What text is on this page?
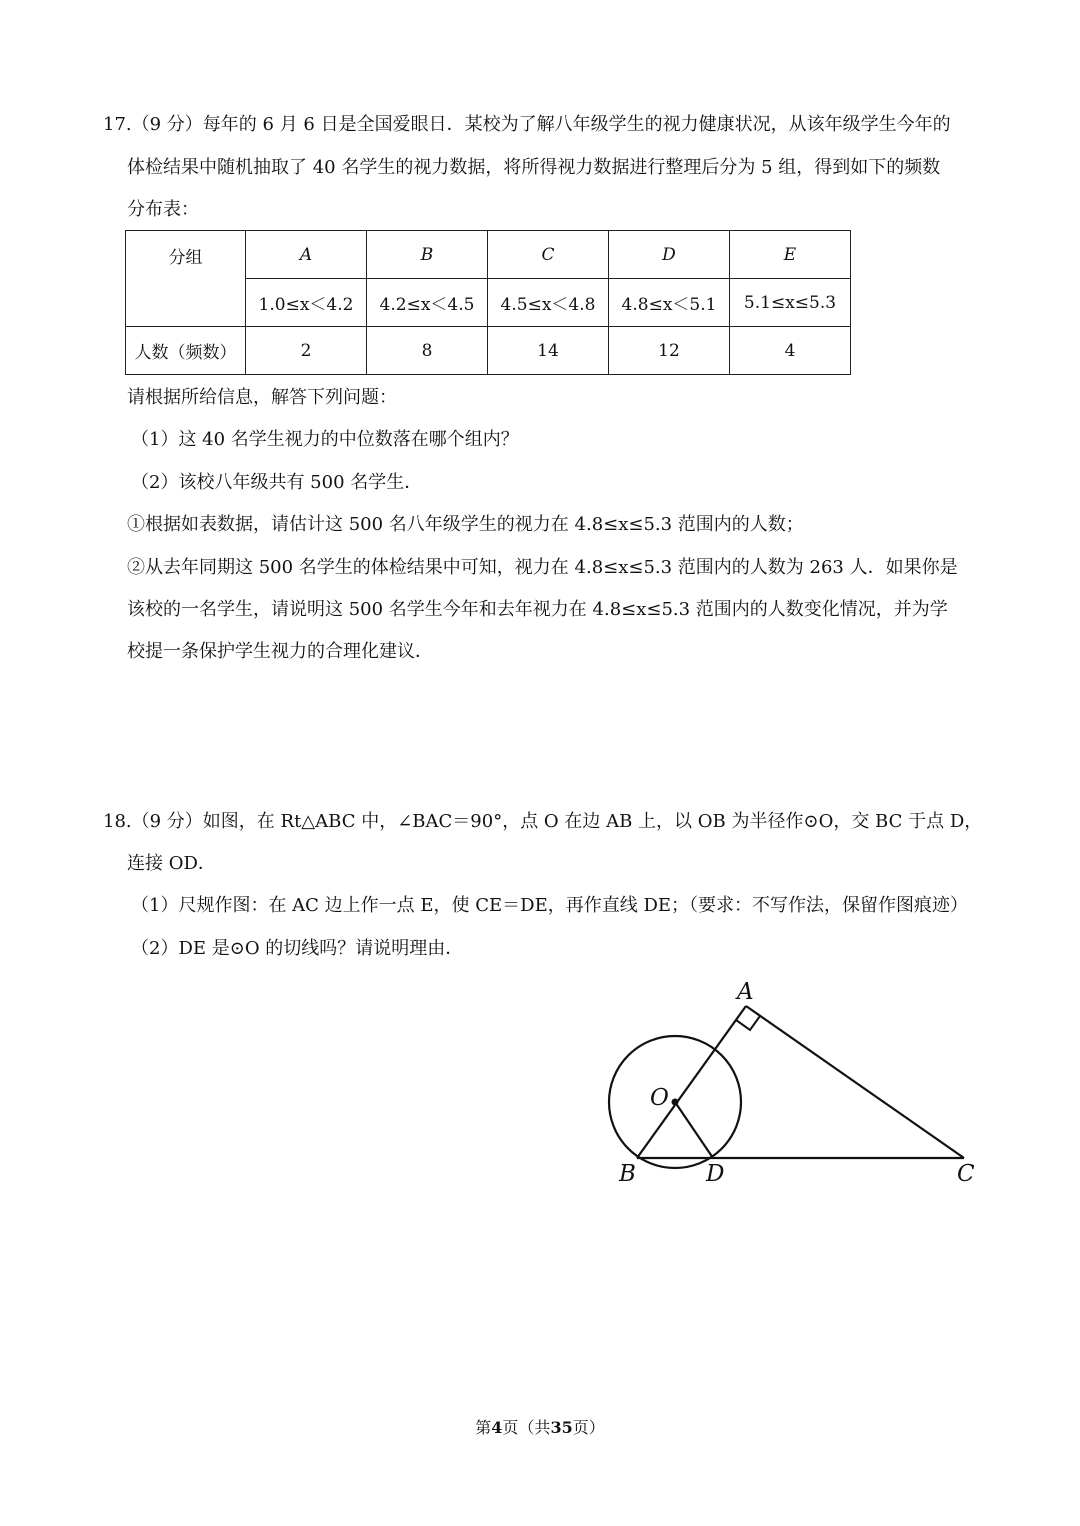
17.（9 分）每年的 6 月 6 日是全国爱眼日．某校为了解八年级学生的视力健康状况，从该年级学生今年的
体检结果中随机抽取了 40 名学生的视力数据，将所得视力数据进行整理后分为 5 组，得到如下的频数
分布表：
分组	A	B	C	D	E
	1.0≤x＜4.2	4.2≤x＜4.5	4.5≤x＜4.8	4.8≤x＜5.1	5.1≤x≤5.3
人数（频数）	2	8	14	12	4
请根据所给信息，解答下列问题：
（1）这 40 名学生视力的中位数落在哪个组内？
（2）该校八年级共有 500 名学生．
①根据如表数据，请估计这 500 名八年级学生的视力在 4.8≤x≤5.3 范围内的人数；
②从去年同期这 500 名学生的体检结果中可知，视力在 4.8≤x≤5.3 范围内的人数为 263 人．如果你是
该校的一名学生，请说明这 500 名学生今年和去年视力在 4.8≤x≤5.3 范围内的人数变化情况，并为学
校提一条保护学生视力的合理化建议．
18.（9 分）如图，在 Rt△ABC 中，∠BAC＝90°，点 O 在边 AB 上，以 OB 为半径作⊙O，交 BC 于点 D，
连接 OD．
（1）尺规作图：在 AC 边上作一点 E，使 CE＝DE，再作直线 DE；（要求：不写作法，保留作图痕迹）
（2）DE 是⊙O 的切线吗？请说明理由．
A
B	C
D
O
第4页（共35页）
